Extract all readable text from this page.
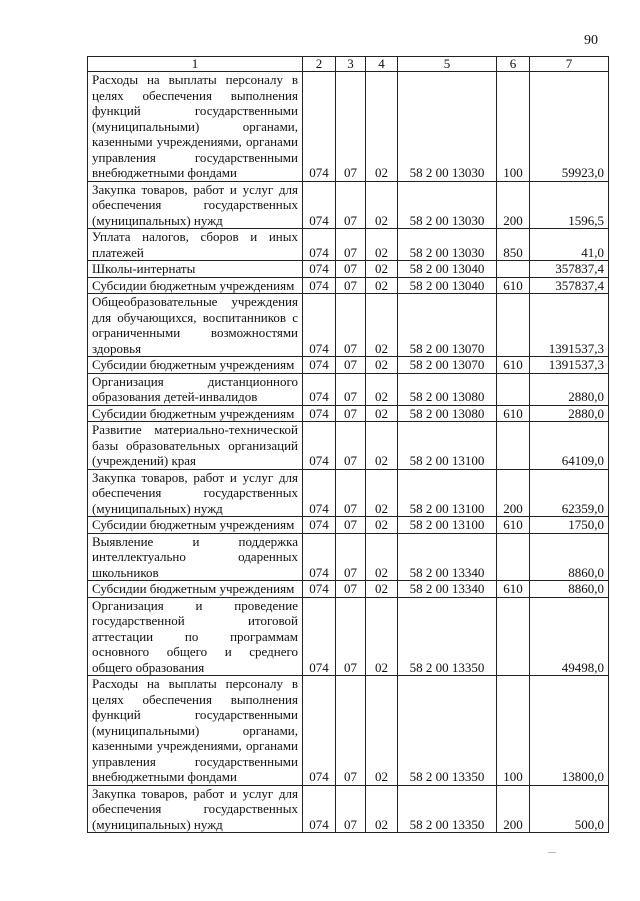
90
1	2	3	4	5	6	7
Расходы на выплаты персоналу в целях обеспечения выполнения функций государственными (муниципальными) органами, казенными учреждениями, органами управления государственными внебюджетными фондами	074	07	02	58 2 00 13030	100	59923,0
Закупка товаров, работ и услуг для обеспечения государственных (муниципальных) нужд	074	07	02	58 2 00 13030	200	1596,5
Уплата налогов, сборов и иных платежей	074	07	02	58 2 00 13030	850	41,0
Школы-интернаты	074	07	02	58 2 00 13040		357837,4
Субсидии бюджетным учреждениям	074	07	02	58 2 00 13040	610	357837,4
Общеобразовательные учреждения для обучающихся, воспитанников с ограниченными возможностями здоровья	074	07	02	58 2 00 13070		1391537,3
Субсидии бюджетным учреждениям	074	07	02	58 2 00 13070	610	1391537,3
Организация дистанционного образования детей-инвалидов	074	07	02	58 2 00 13080		2880,0
Субсидии бюджетным учреждениям	074	07	02	58 2 00 13080	610	2880,0
Развитие материально-технической базы образовательных организаций (учреждений) края	074	07	02	58 2 00 13100		64109,0
Закупка товаров, работ и услуг для обеспечения государственных (муниципальных) нужд	074	07	02	58 2 00 13100	200	62359,0
Субсидии бюджетным учреждениям	074	07	02	58 2 00 13100	610	1750,0
Выявление и поддержка интеллектуально одаренных школьников	074	07	02	58 2 00 13340		8860,0
Субсидии бюджетным учреждениям	074	07	02	58 2 00 13340	610	8860,0
Организация и проведение государственной итоговой аттестации по программам основного общего и среднего общего образования	074	07	02	58 2 00 13350		49498,0
Расходы на выплаты персоналу в целях обеспечения выполнения функций государственными (муниципальными) органами, казенными учреждениями, органами управления государственными внебюджетными фондами	074	07	02	58 2 00 13350	100	13800,0
Закупка товаров, работ и услуг для обеспечения государственных (муниципальных) нужд	074	07	02	58 2 00 13350	200	500,0
